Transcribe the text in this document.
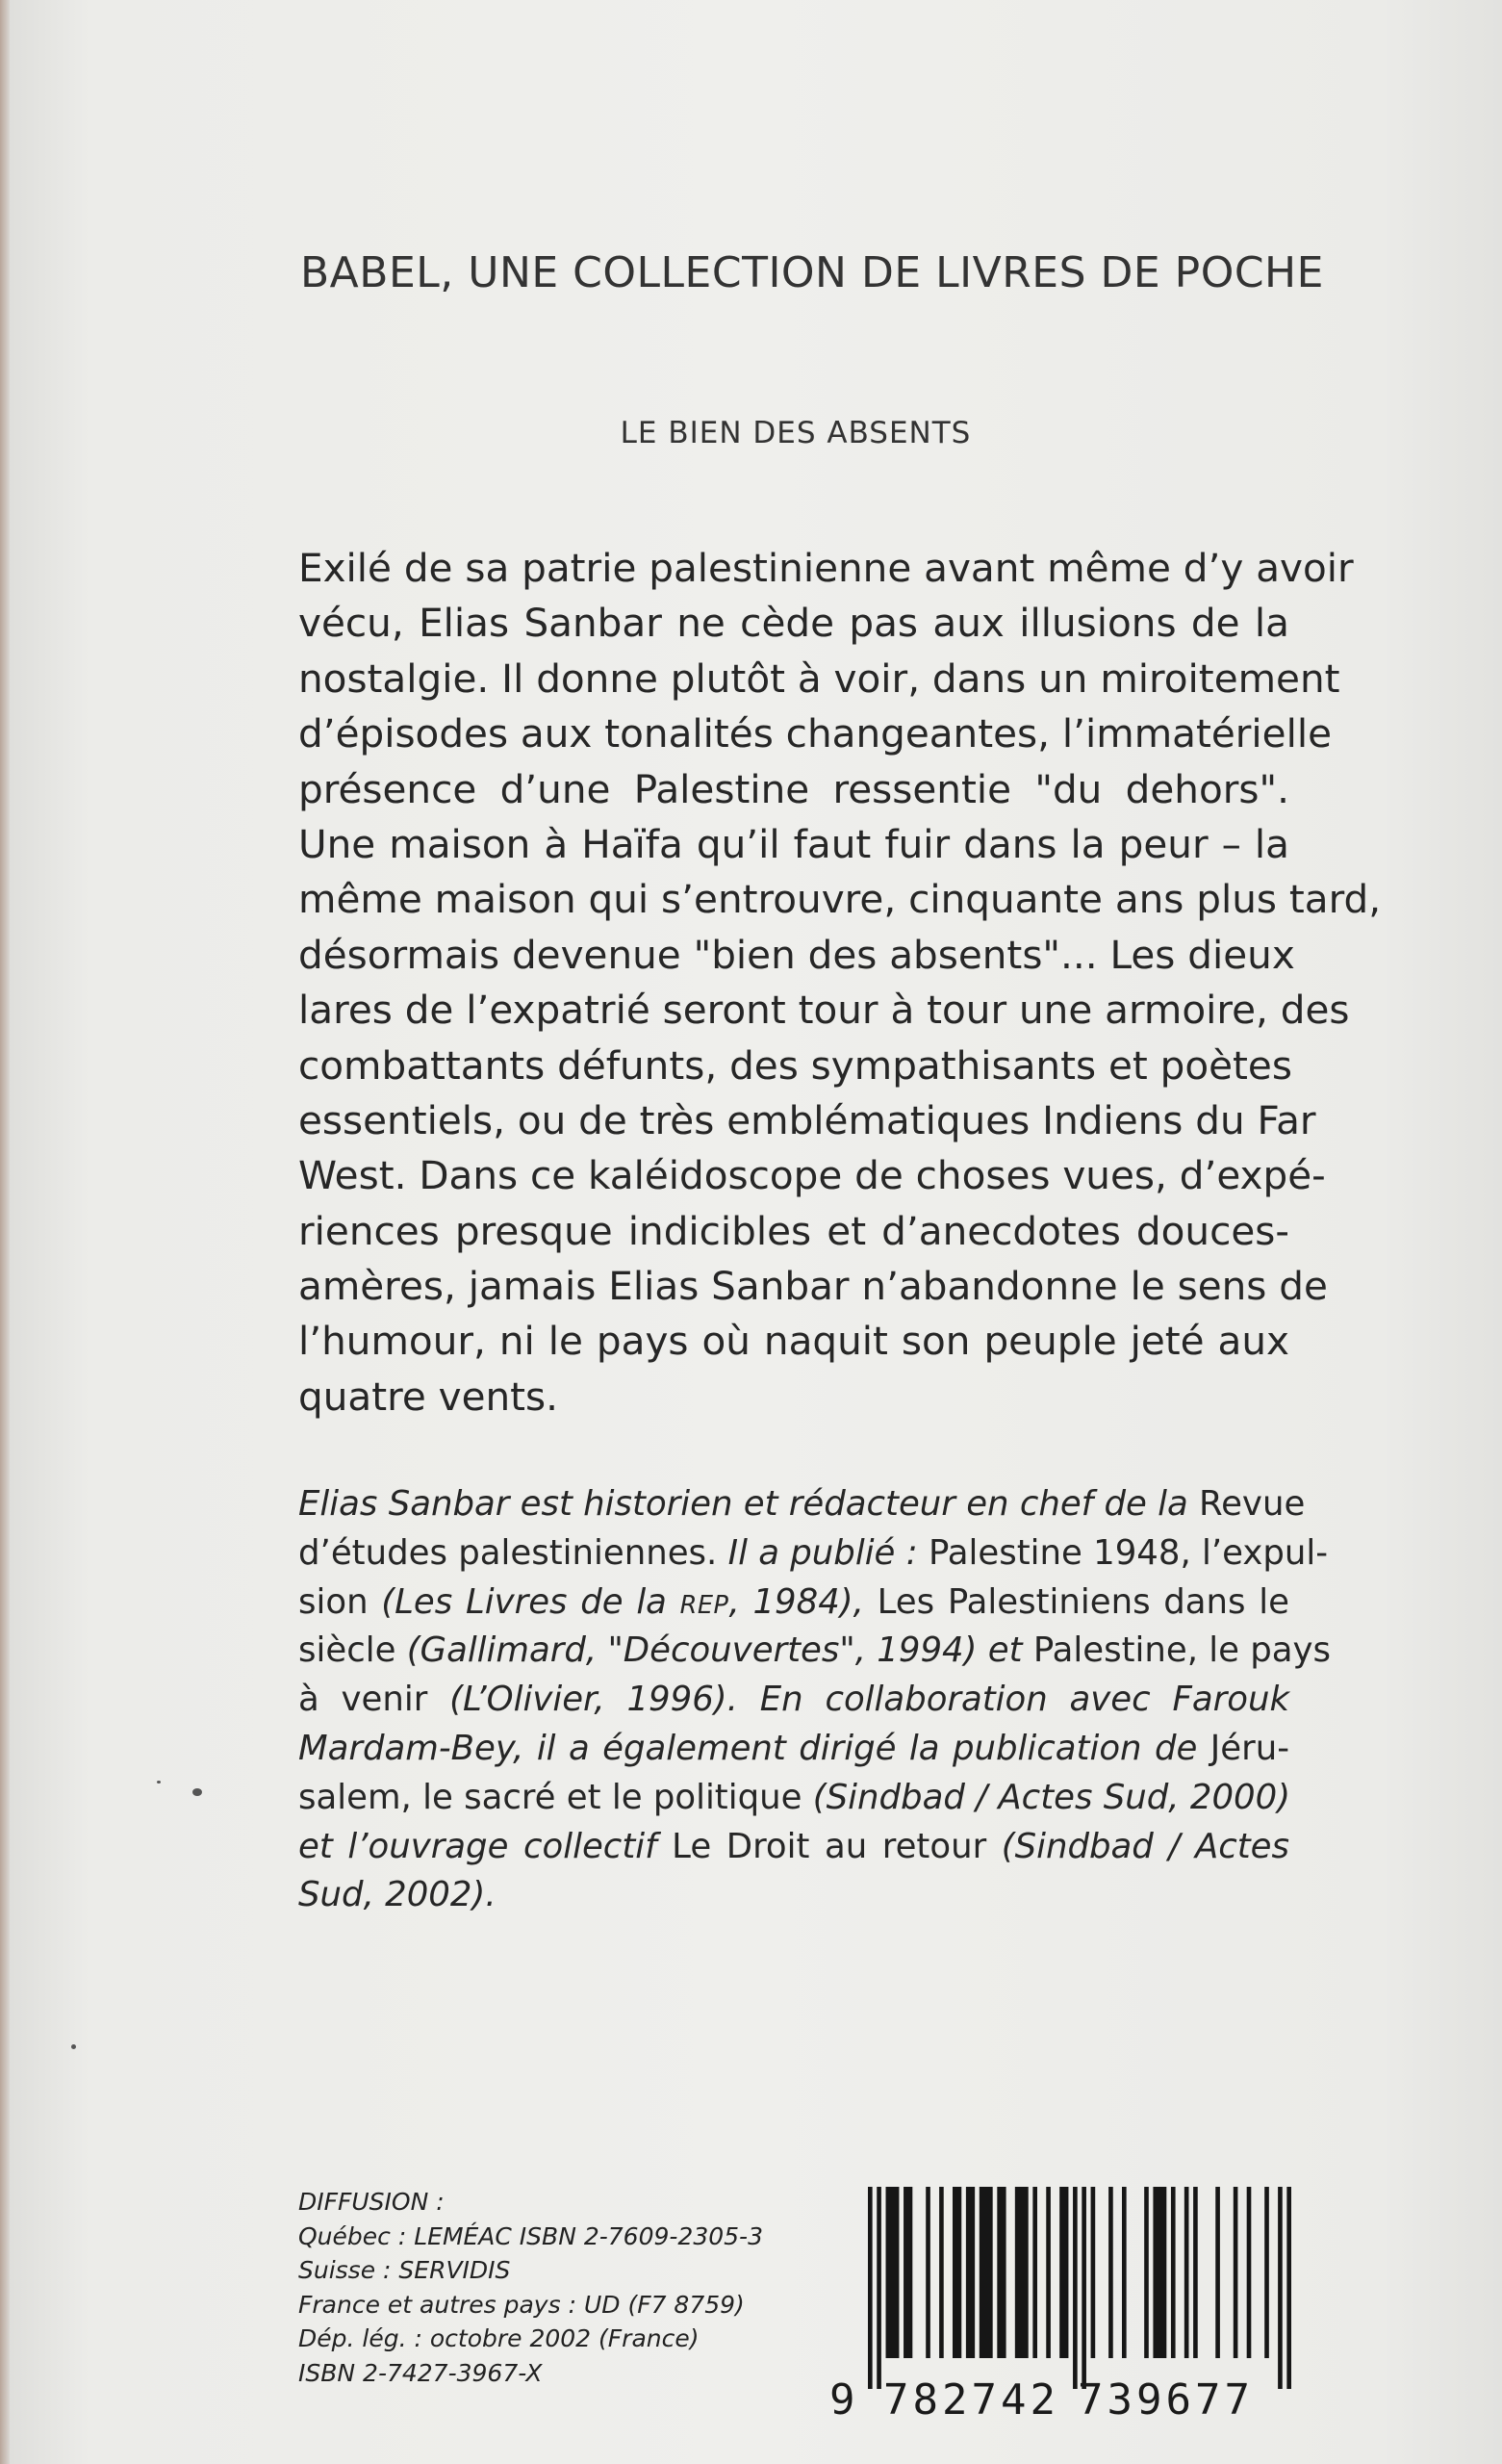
BABEL, UNE COLLECTION DE LIVRES DE POCHE
LE BIEN DES ABSENTS
Exilé de sa patrie palestinienne avant même d’y avoir
vécu, Elias Sanbar ne cède pas aux illusions de la
nostalgie. Il donne plutôt à voir, dans un miroitement
d’épisodes aux tonalités changeantes, l’immatérielle
présence d’une Palestine ressentie "du dehors".
Une maison à Haïfa qu’il faut fuir dans la peur – la
même maison qui s’entrouvre, cinquante ans plus tard,
désormais devenue "bien des absents"... Les dieux
lares de l’expatrié seront tour à tour une armoire, des
combattants défunts, des sympathisants et poètes
essentiels, ou de très emblématiques Indiens du Far
West. Dans ce kaléidoscope de choses vues, d’expé-
riences presque indicibles et d’anecdotes douces-
amères, jamais Elias Sanbar n’abandonne le sens de
l’humour, ni le pays où naquit son peuple jeté aux
quatre vents.
Elias Sanbar est historien et rédacteur en chef de la Revue
d’études palestiniennes. Il a publié : Palestine 1948, l’expul-
sion (Les Livres de la REP, 1984), Les Palestiniens dans le
siècle (Gallimard, "Découvertes", 1994) et Palestine, le pays
à venir (L’Olivier, 1996). En collaboration avec Farouk
Mardam-Bey, il a également dirigé la publication de Jéru-
salem, le sacré et le politique (Sindbad / Actes Sud, 2000)
et l’ouvrage collectif Le Droit au retour (Sindbad / Actes
Sud, 2002).
DIFFUSION :
Québec : LEMÉAC ISBN 2-7609-2305-3
Suisse : SERVIDIS
France et autres pays : UD (F7 8759)
Dép. lég. : octobre 2002 (France)
ISBN 2-7427-3967-X
9 782742 739677
